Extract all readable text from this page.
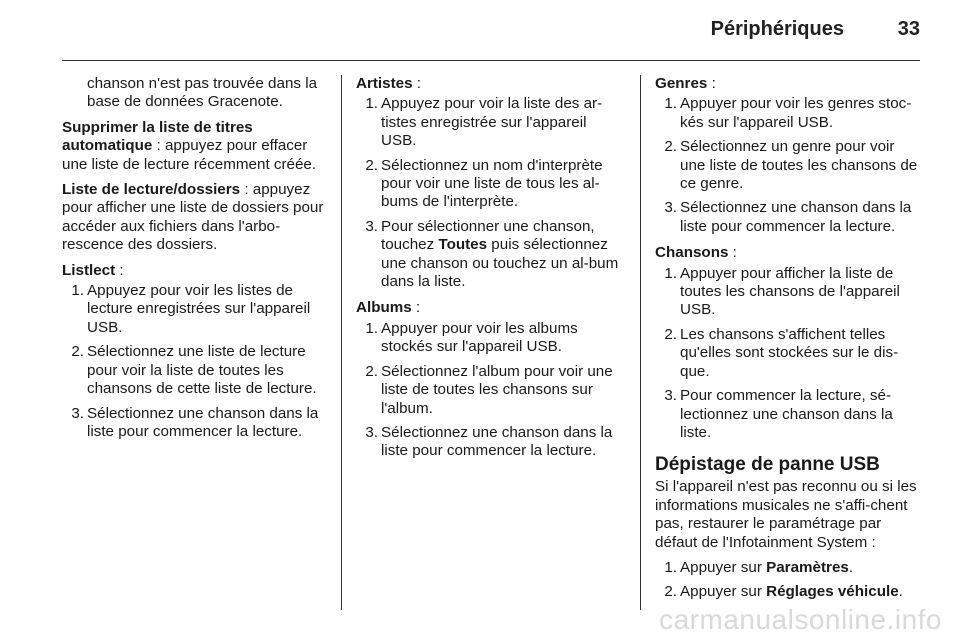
Périphériques	33
chanson n'est pas trouvée dans la base de données Gracenote.

Supprimer la liste de titres automatique : appuyez pour effacer une liste de lecture récemment créée.

Liste de lecture/dossiers : appuyez pour afficher une liste de dossiers pour accéder aux fichiers dans l'arbo-rescence des dossiers.

Listlect :

1. Appuyez pour voir les listes de lecture enregistrées sur l'appareil USB.
2. Sélectionnez une liste de lecture pour voir la liste de toutes les chansons de cette liste de lecture.
3. Sélectionnez une chanson dans la liste pour commencer la lecture.

Artistes :

1. Appuyez pour voir la liste des ar-tistes enregistrée sur l'appareil USB.
2. Sélectionnez un nom d'interprète pour voir une liste de tous les al-bums de l'interprète.
3. Pour sélectionner une chanson, touchez Toutes puis sélectionnez une chanson ou touchez un al-bum dans la liste.

Albums :

1. Appuyer pour voir les albums stockés sur l'appareil USB.
2. Sélectionnez l'album pour voir une liste de toutes les chansons sur l'album.
3. Sélectionnez une chanson dans la liste pour commencer la lecture.

Genres :

1. Appuyer pour voir les genres stoc-kés sur l'appareil USB.
2. Sélectionnez un genre pour voir une liste de toutes les chansons de ce genre.
3. Sélectionnez une chanson dans la liste pour commencer la lecture.

Chansons :

1. Appuyer pour afficher la liste de toutes les chansons de l'appareil USB.
2. Les chansons s'affichent telles qu'elles sont stockées sur le dis-que.
3. Pour commencer la lecture, sé-lectionnez une chanson dans la liste.
Dépistage de panne USB

Si l'appareil n'est pas reconnu ou si les informations musicales ne s'affi-chent pas, restaurer le paramétrage par défaut de l'Infotainment System :

1. Appuyer sur Paramètres.
2. Appuyer sur Réglages véhicule.
carmanualsonline.info
